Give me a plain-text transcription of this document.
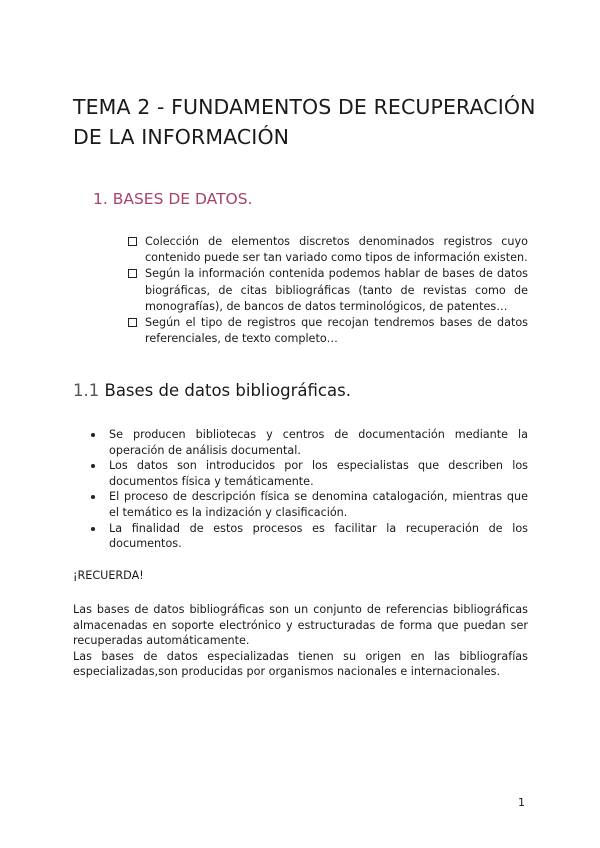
TEMA 2 - FUNDAMENTOS DE RECUPERACIÓN DE LA INFORMACIÓN
1. BASES DE DATOS.
Colección de elementos discretos denominados registros cuyo contenido puede ser tan variado como tipos de información existen.
Según la información contenida podemos hablar de bases de datos biográficas, de citas bibliográficas (tanto de revistas como de monografías), de bancos de datos terminológicos, de patentes…
Según el tipo de registros que recojan tendremos bases de datos referenciales, de texto completo…
1.1 Bases de datos bibliográficas.
Se producen bibliotecas y centros de documentación mediante la operación de análisis documental.
Los datos son introducidos por los especialistas que describen los documentos física y temáticamente.
El proceso de descripción física se denomina catalogación, mientras que el temático es la indización y clasificación.
La finalidad de estos procesos es facilitar la recuperación de los documentos.

¡RECUERDA!

Las bases de datos bibliográficas son un conjunto de referencias bibliográficas almacenadas en soporte electrónico y estructuradas de forma que puedan ser recuperadas automáticamente.

Las bases de datos especializadas tienen su origen en las bibliografías especializadas,son producidas por organismos nacionales e internacionales.

1
